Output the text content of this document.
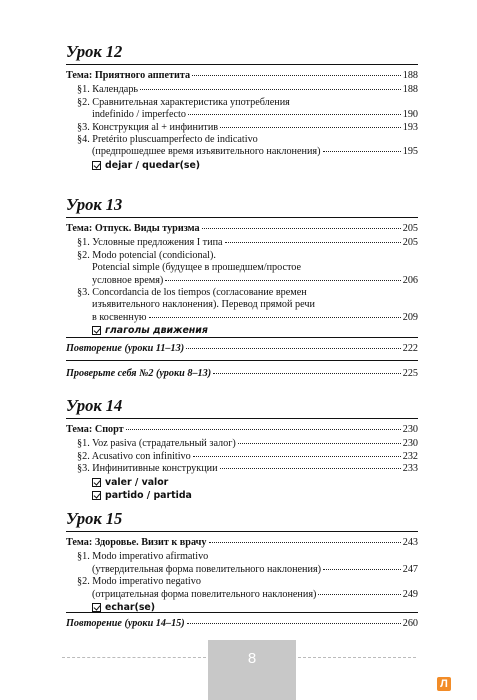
Урок 12
Тема: Приятного аппетита	188
§1. Календарь	188
§2. Сравнительная характеристика употребления
indefinido / imperfecto	190
§3. Конструкция al + инфинитив	193
§4. Pretérito pluscuamperfecto de indicativo
(предпрошедшее время изъявительного наклонения)	195
dejar / quedar(se)
Урок 13
Тема: Отпуск. Виды туризма	205
§1. Условные предложения I типа	205
§2. Modo potencial (condicional).
Potencial simple (будущее в прошедшем/простое
условное время)	206
§3. Concordancia de los tiempos (согласование времен
изъявительного наклонения). Перевод прямой речи
в косвенную	209
глаголы движения
Повторение (уроки 11–13)	222
Проверьте себя №2 (уроки 8–13)	225
Урок 14
Тема: Спорт	230
§1. Voz pasiva (страдательный залог)	230
§2. Acusativo con infinitivo	232
§3. Инфинитивные конструкции	233
valer / valor
partido / partida
Урок 15
Тема: Здоровье. Визит к врачу	243
§1. Modo imperativo afirmativo
(утвердительная форма повелительного наклонения)	247
§2. Modo imperativo negativo
(отрицательная форма повелительного наклонения)	249
echar(se)
Повторение (уроки 14–15)	260
8
Л
